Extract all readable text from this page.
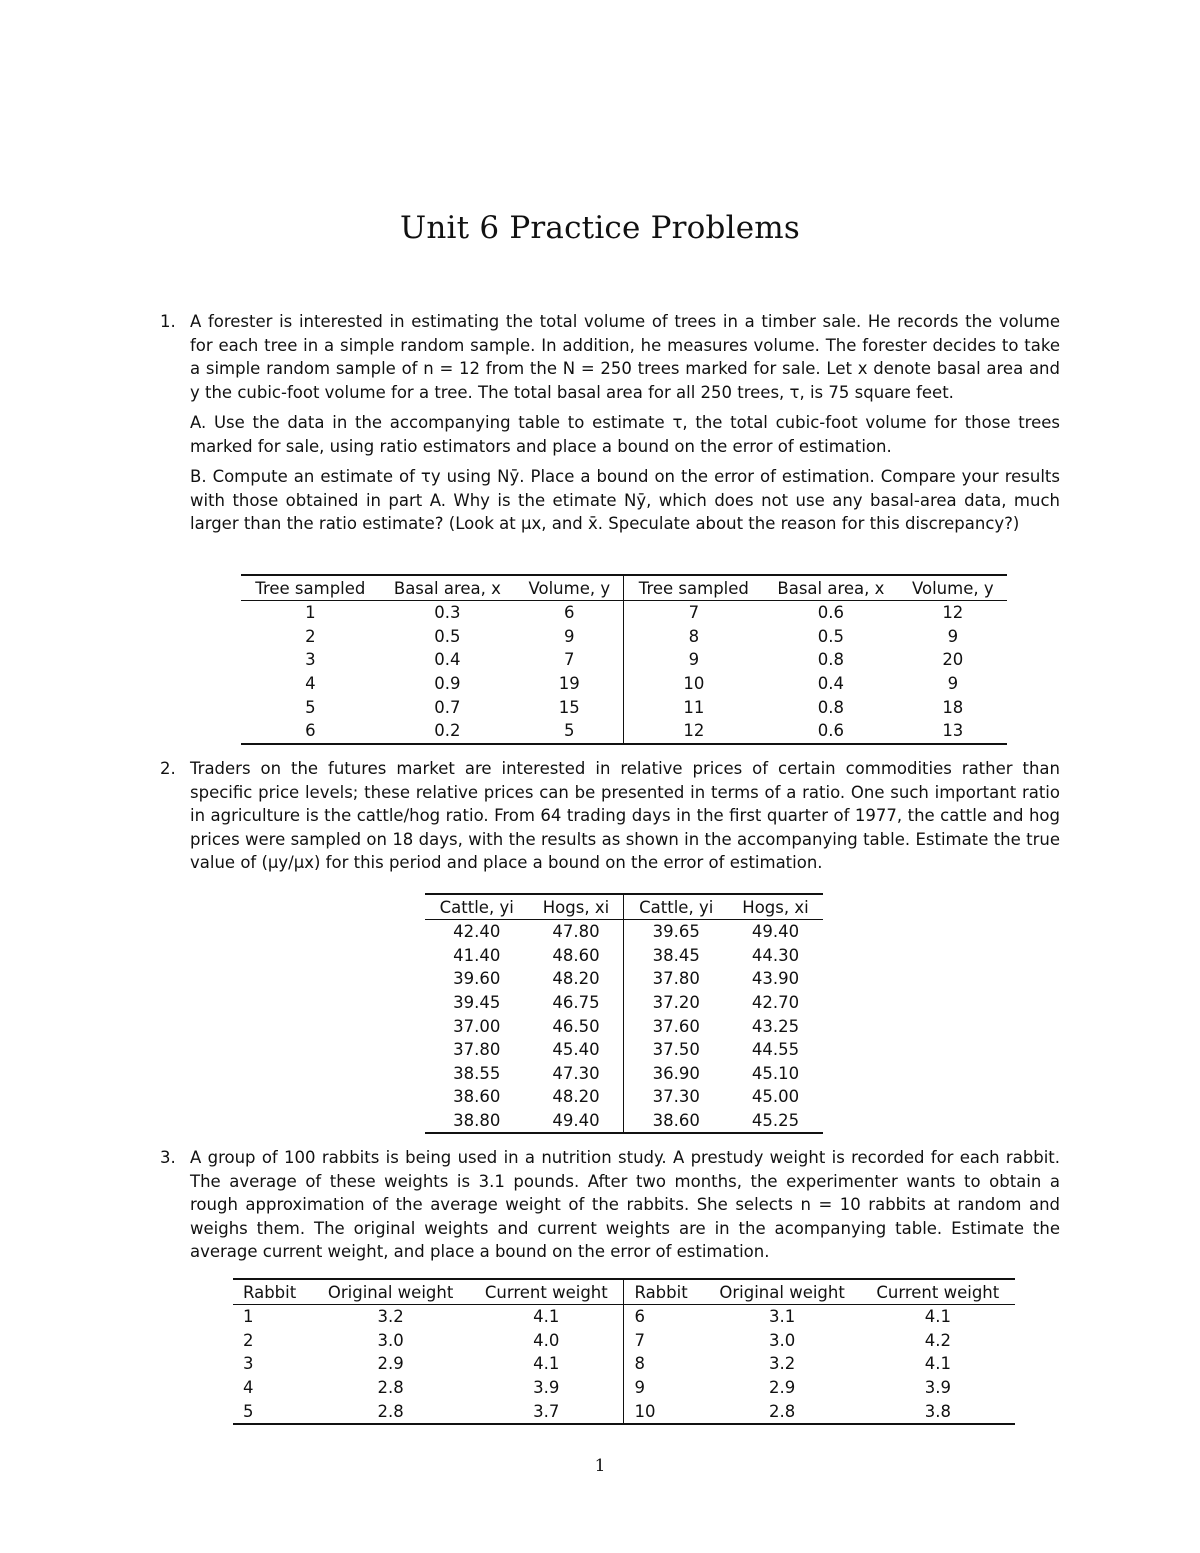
Unit 6 Practice Problems
1. A forester is interested in estimating the total volume of trees in a timber sale. He records the volume for each tree in a simple random sample. In addition, he measures volume. The forester decides to take a simple random sample of n = 12 from the N = 250 trees marked for sale. Let x denote basal area and y the cubic-foot volume for a tree. The total basal area for all 250 trees, τ, is 75 square feet.

A. Use the data in the accompanying table to estimate τ, the total cubic-foot volume for those trees marked for sale, using ratio estimators and place a bound on the error of estimation.

B. Compute an estimate of τy using Nȳ. Place a bound on the error of estimation. Compare your results with those obtained in part A. Why is the etimate Nȳ, which does not use any basal-area data, much larger than the ratio estimate? (Look at μx, and x̄. Speculate about the reason for this discrepancy?)

Tree sampled	Basal area, x	Volume, y	Tree sampled	Basal area, x	Volume, y
1	0.3	6	7	0.6	12
2	0.5	9	8	0.5	9
3	0.4	7	9	0.8	20
4	0.9	19	10	0.4	9
5	0.7	15	11	0.8	18
6	0.2	5	12	0.6	13
2. Traders on the futures market are interested in relative prices of certain commodities rather than specific price levels; these relative prices can be presented in terms of a ratio. One such important ratio in agriculture is the cattle/hog ratio. From 64 trading days in the first quarter of 1977, the cattle and hog prices were sampled on 18 days, with the results as shown in the accompanying table. Estimate the true value of (μy/μx) for this period and place a bound on the error of estimation.

Cattle, yi	Hogs, xi	Cattle, yi	Hogs, xi
42.40	47.80	39.65	49.40
41.40	48.60	38.45	44.30
39.60	48.20	37.80	43.90
39.45	46.75	37.20	42.70
37.00	46.50	37.60	43.25
37.80	45.40	37.50	44.55
38.55	47.30	36.90	45.10
38.60	48.20	37.30	45.00
38.80	49.40	38.60	45.25
3. A group of 100 rabbits is being used in a nutrition study. A prestudy weight is recorded for each rabbit. The average of these weights is 3.1 pounds. After two months, the experimenter wants to obtain a rough approximation of the average weight of the rabbits. She selects n = 10 rabbits at random and weighs them. The original weights and current weights are in the acompanying table. Estimate the average current weight, and place a bound on the error of estimation.

Rabbit	Original weight	Current weight	Rabbit	Original weight	Current weight
1	3.2	4.1	6	3.1	4.1
2	3.0	4.0	7	3.0	4.2
3	2.9	4.1	8	3.2	4.1
4	2.8	3.9	9	2.9	3.9
5	2.8	3.7	10	2.8	3.8
1
